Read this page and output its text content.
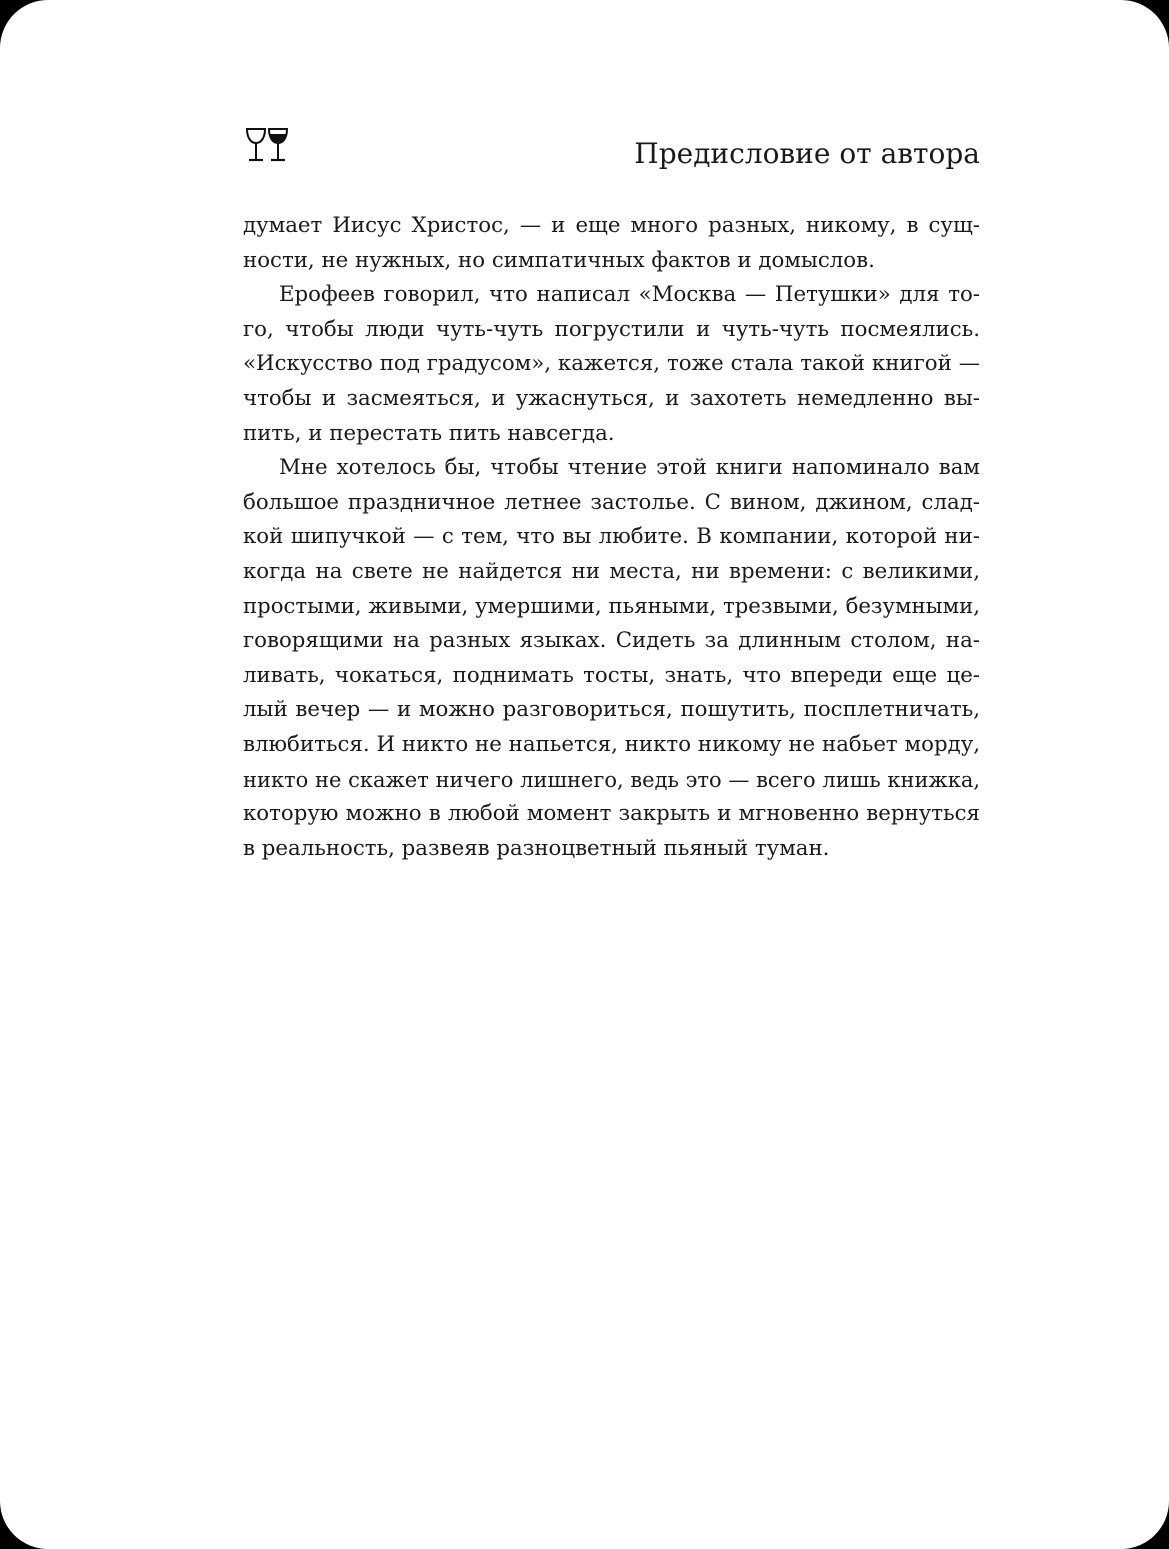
Предисловие от автора

думает Иисус Христос, — и еще много разных, никому, в сущ-
ности, не нужных, но симпатичных фактов и домыслов.

Ерофеев говорил, что написал «Москва — Петушки» для то-
го, чтобы люди чуть-чуть погрустили и чуть-чуть посмеялись.
«Искусство под градусом», кажется, тоже стала такой книгой —
чтобы и засмеяться, и ужаснуться, и захотеть немедленно вы-
пить, и перестать пить навсегда.

Мне хотелось бы, чтобы чтение этой книги напоминало вам
большое праздничное летнее застолье. С вином, джином, слад-
кой шипучкой — с тем, что вы любите. В компании, которой ни-
когда на свете не найдется ни места, ни времени: с великими,
простыми, живыми, умершими, пьяными, трезвыми, безумными,
говорящими на разных языках. Сидеть за длинным столом, на-
ливать, чокаться, поднимать тосты, знать, что впереди еще це-
лый вечер — и можно разговориться, пошутить, посплетничать,
влюбиться. И никто не напьется, никто никому не набьет морду,
никто не скажет ничего лишнего, ведь это — всего лишь книжка,
которую можно в любой момент закрыть и мгновенно вернуться
в реальность, развеяв разноцветный пьяный туман.
